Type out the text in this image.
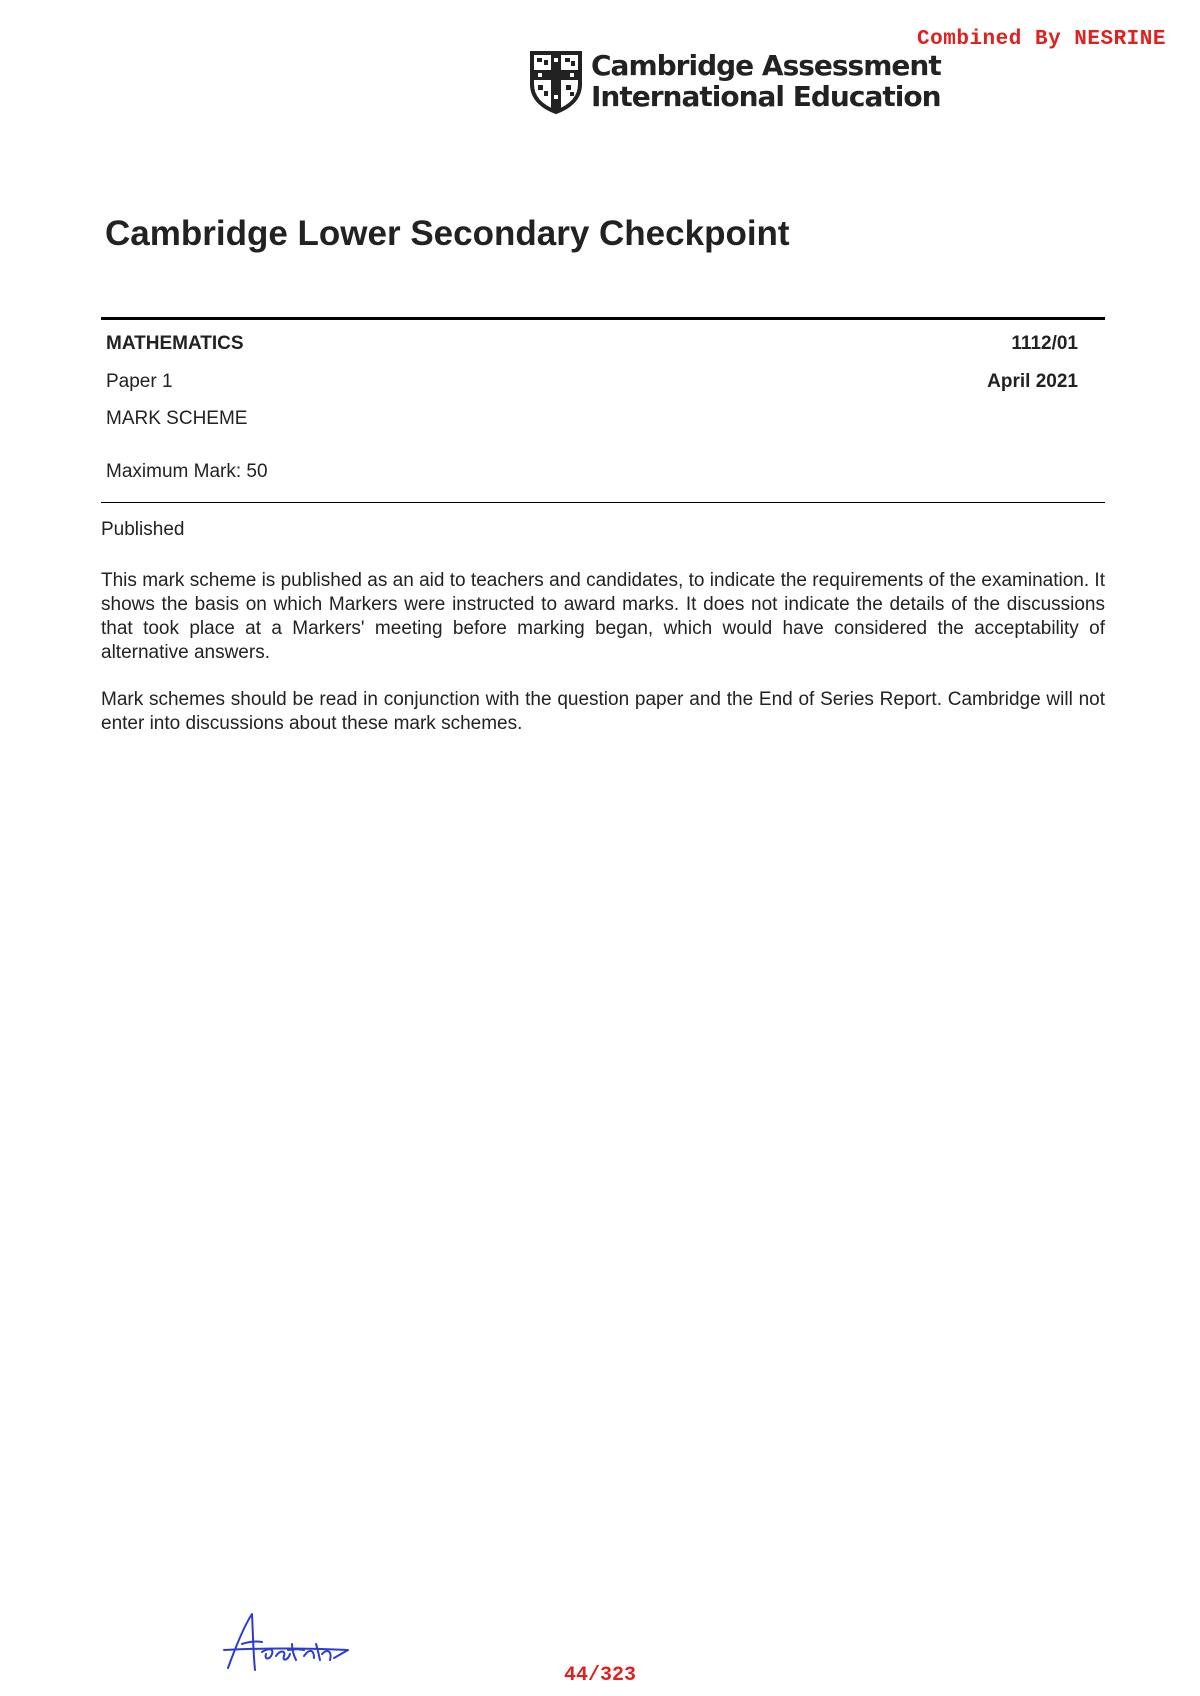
Combined By NESRINE
Cambridge Assessment
International Education
Cambridge Lower Secondary Checkpoint
MATHEMATICS	1112/01
Paper 1	April 2021
MARK SCHEME
Maximum Mark: 50
Published

This mark scheme is published as an aid to teachers and candidates, to indicate the requirements of the examination. It shows the basis on which Markers were instructed to award marks. It does not indicate the details of the discussions that took place at a Markers' meeting before marking began, which would have considered the acceptability of alternative answers.

Mark schemes should be read in conjunction with the question paper and the End of Series Report. Cambridge will not enter into discussions about these mark schemes.

44/323
